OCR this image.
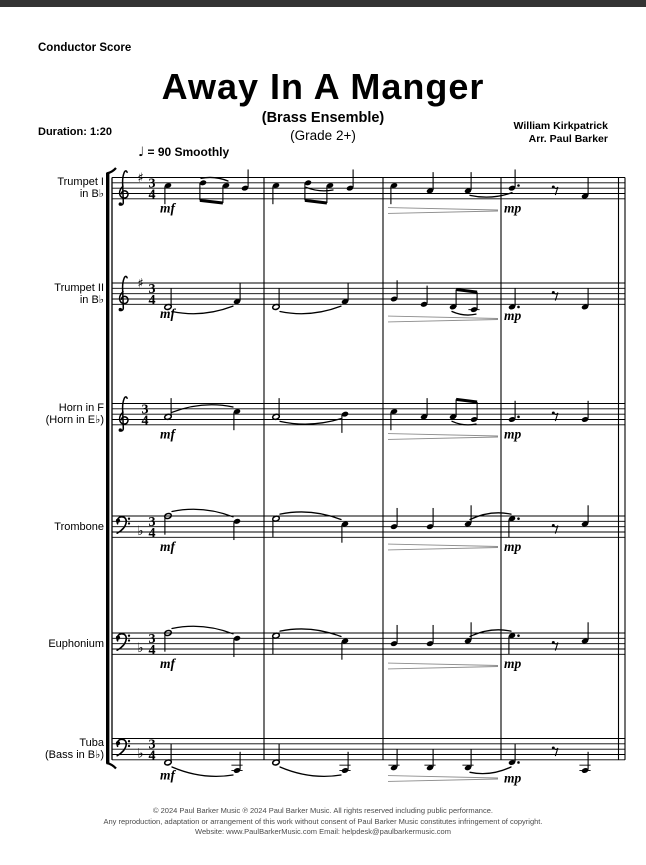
Conductor Score
Away In A Manger
(Brass Ensemble)
(Grade 2+)
Duration: 1:20	William Kirkpatrick
Arr. Paul Barker
♩ = 90 Smoothly
Trumpet I
in B♭
Trumpet II
in B♭
Horn in F
(Horn in E♭)
Trombone
Euphonium
Tuba
(Bass in B♭)
♯ 3
4
mf	mp
♯ 3
4
mf	mp
3
4
mf	mp
♭
3
4
mf	mp
♭
3
4
mf	mp
♭
3
4
mf	mp
© 2024 Paul Barker Music ℗ 2024 Paul Barker Music. All rights reserved including public performance.
Any reproduction, adaptation or arrangement of this work without consent of Paul Barker Music constitutes infringement of copyright.
Website: www.PaulBarkerMusic.com Email: helpdesk@paulbarkermusic.com
